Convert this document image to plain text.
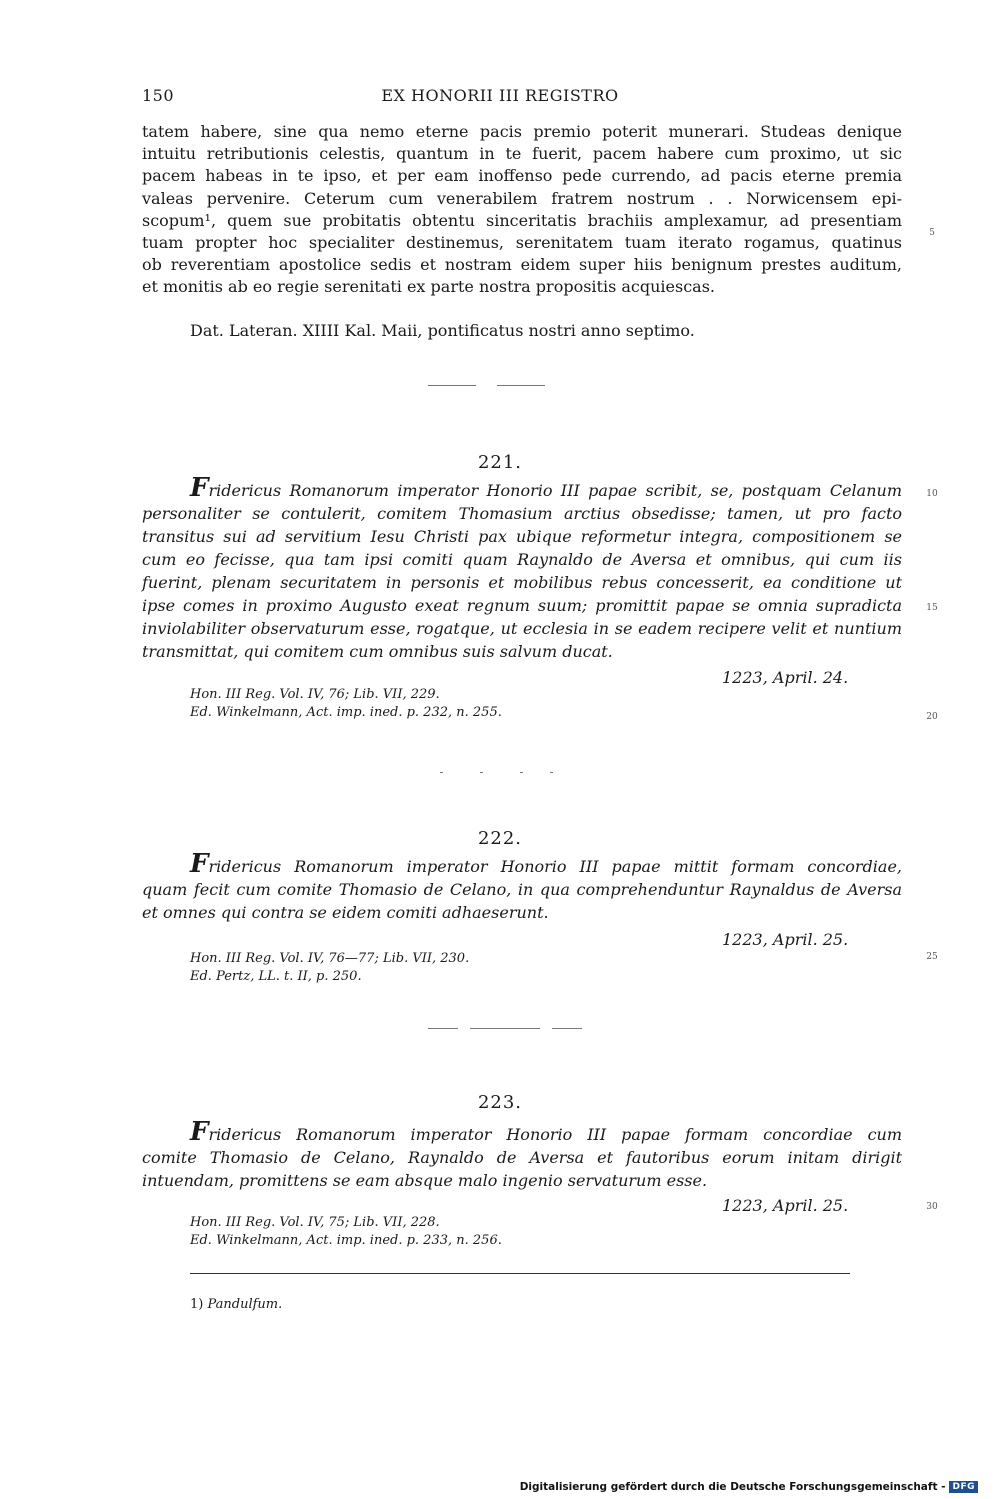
150	EX HONORII III REGISTRO
tatem habere, sine qua nemo eterne pacis premio poterit munerari. Studeas denique
intuitu retributionis celestis, quantum in te fuerit, pacem habere cum proximo, ut sic
pacem habeas in te ipso, et per eam inoffenso pede currendo, ad pacis eterne premia
valeas pervenire. Ceterum cum venerabilem fratrem nostrum . . Norwicensem epi-
scopum¹, quem sue probitatis obtentu sinceritatis brachiis amplexamur, ad presentiam
tuam propter hoc specialiter destinemus, serenitatem tuam iterato rogamus, quatinus
ob reverentiam apostolice sedis et nostram eidem super hiis benignum prestes auditum,
et monitis ab eo regie serenitati ex parte nostra propositis acquiescas.
Dat. Lateran. XIIII Kal. Maii, pontificatus nostri anno septimo.
5
10
15
20
25
30
221.
Fridericus Romanorum imperator Honorio III papae scribit, se, postquam Celanum
personaliter se contulerit, comitem Thomasium arctius obsedisse; tamen, ut pro facto
transitus sui ad servitium Iesu Christi pax ubique reformetur integra, compositionem se
cum eo fecisse, qua tam ipsi comiti quam Raynaldo de Aversa et omnibus, qui cum iis
fuerint, plenam securitatem in personis et mobilibus rebus concesserit, ea conditione ut
ipse comes in proximo Augusto exeat regnum suum; promittit papae se omnia supradicta
inviolabiliter observaturum esse, rogatque, ut ecclesia in se eadem recipere velit et nuntium
transmittat, qui comitem cum omnibus suis salvum ducat.
1223, April. 24.
Hon. III Reg. Vol. IV, 76; Lib. VII, 229.
Ed. Winkelmann, Act. imp. ined. p. 232, n. 255.
222.
Fridericus Romanorum imperator Honorio III papae mittit formam concordiae,
quam fecit cum comite Thomasio de Celano, in qua comprehenduntur Raynaldus de Aversa
et omnes qui contra se eidem comiti adhaeserunt.
1223, April. 25.
Hon. III Reg. Vol. IV, 76—77; Lib. VII, 230.
Ed. Pertz, LL. t. II, p. 250.
223.
Fridericus Romanorum imperator Honorio III papae formam concordiae cum
comite Thomasio de Celano, Raynaldo de Aversa et fautoribus eorum initam dirigit
intuendam, promittens se eam absque malo ingenio servaturum esse.
1223, April. 25.
Hon. III Reg. Vol. IV, 75; Lib. VII, 228.
Ed. Winkelmann, Act. imp. ined. p. 233, n. 256.
1) Pandulfum.
Digitalisierung gefördert durch die Deutsche Forschungsgemeinschaft - DFG
